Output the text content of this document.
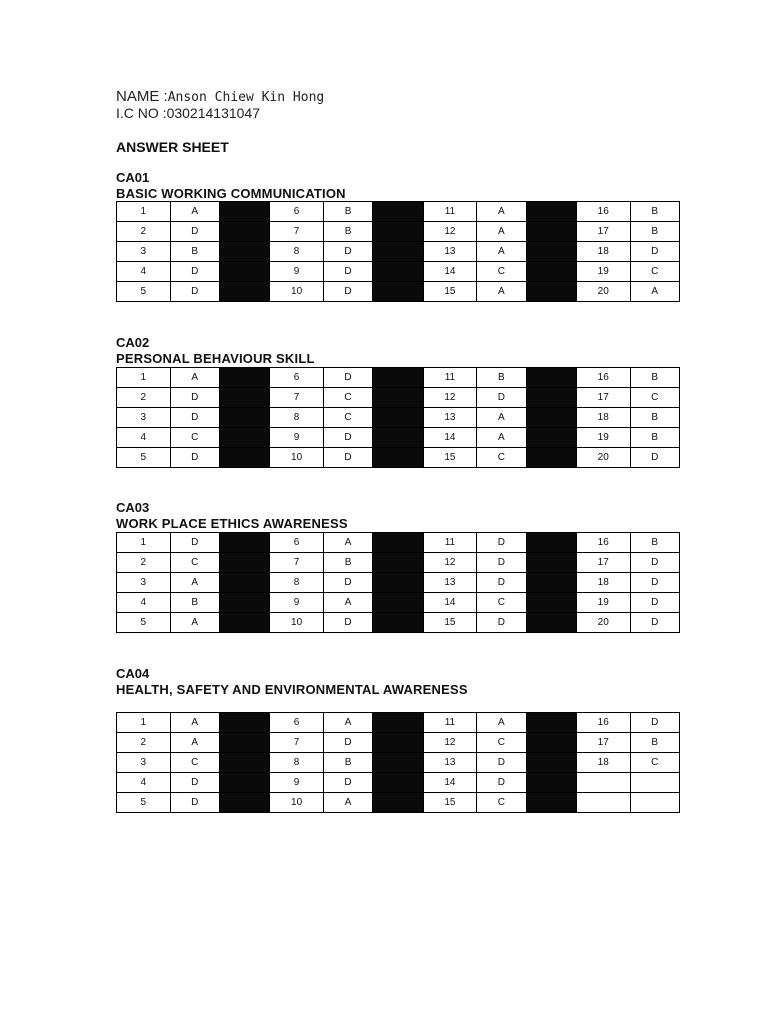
NAME :Anson Chiew Kin Hong
I.C NO :030214131047
ANSWER SHEET
CA01
BASIC WORKING COMMUNICATION
1	A		6	B		11	A		16	B
2	D		7	B		12	A		17	B
3	B		8	D		13	A		18	D
4	D		9	D		14	C		19	C
5	D		10	D		15	A		20	A
CA02
PERSONAL BEHAVIOUR SKILL
1	A		6	D		11	B		16	B
2	D		7	C		12	D		17	C
3	D		8	C		13	A		18	B
4	C		9	D		14	A		19	B
5	D		10	D		15	C		20	D
CA03
WORK PLACE ETHICS AWARENESS
1	D		6	A		11	D		16	B
2	C		7	B		12	D		17	D
3	A		8	D		13	D		18	D
4	B		9	A		14	C		19	D
5	A		10	D		15	D		20	D
CA04
HEALTH, SAFETY AND ENVIRONMENTAL AWARENESS
1	A		6	A		11	A		16	D
2	A		7	D		12	C		17	B
3	C		8	B		13	D		18	C
4	D		9	D		14	D			
5	D		10	A		15	C			
